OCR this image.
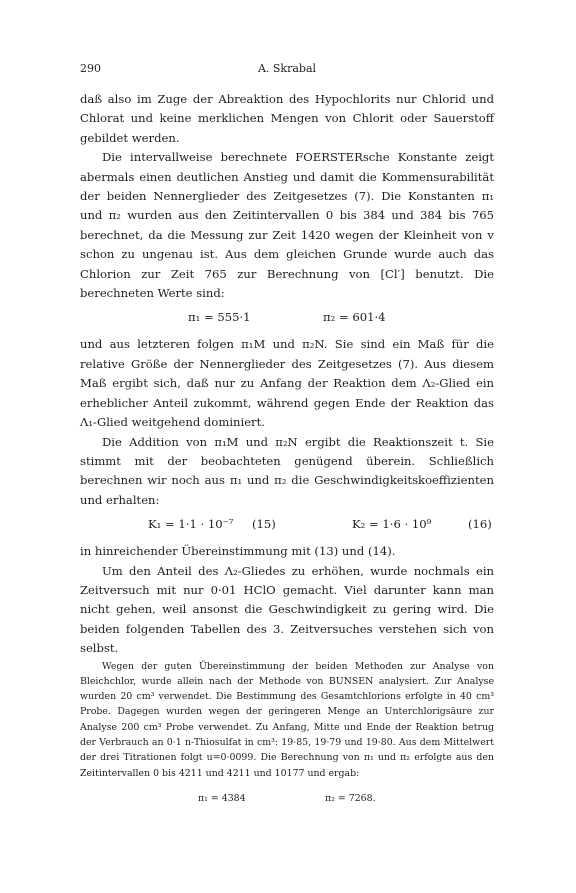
290	A. Skrabal

daß also im Zuge der Abreaktion des Hypochlorits nur Chlorid und Chlorat und keine merklichen Mengen von Chlorit oder Sauerstoff gebildet werden.

Die intervallweise berechnete FOERSTERsche Konstante zeigt abermals einen deutlichen Anstieg und damit die Kommensurabilität der beiden Nennerglieder des Zeitgesetzes (7). Die Konstanten π₁ und π₂ wurden aus den Zeitintervallen 0 bis 384 und 384 bis 765 berechnet, da die Messung zur Zeit 1420 wegen der Kleinheit von v schon zu ungenau ist. Aus dem gleichen Grunde wurde auch das Chlorion zur Zeit 765 zur Berechnung von [Cl′] benutzt. Die berechneten Werte sind:

π₁ = 555·1	π₂ = 601·4

und aus letzteren folgen π₁M und π₂N. Sie sind ein Maß für die relative Größe der Nennerglieder des Zeitgesetzes (7). Aus diesem Maß ergibt sich, daß nur zu Anfang der Reaktion dem Λ₂-Glied ein erheblicher Anteil zukommt, während gegen Ende der Reaktion das Λ₁-Glied weitgehend dominiert.

Die Addition von π₁M und π₂N ergibt die Reaktionszeit t. Sie stimmt mit der beobachteten genügend überein. Schließlich berechnen wir noch aus π₁ und π₂ die Geschwindigkeitskoeffizienten und erhalten:

K₁ = 1·1 · 10⁻⁷ (15)	K₂ = 1·6 · 10⁹	(16)

in hinreichender Übereinstimmung mit (13) und (14).

Um den Anteil des Λ₂-Gliedes zu erhöhen, wurde nochmals ein Zeitversuch mit nur 0·01 HClO gemacht. Viel darunter kann man nicht gehen, weil ansonst die Geschwindigkeit zu gering wird. Die beiden folgenden Tabellen des 3. Zeitversuches verstehen sich von selbst.

Wegen der guten Übereinstimmung der beiden Methoden zur Analyse von Bleichchlor, wurde allein nach der Methode von BUNSEN analysiert. Zur Analyse wurden 20 cm³ verwendet. Die Bestimmung des Gesamtchlorions erfolgte in 40 cm³ Probe. Dagegen wurden wegen der geringeren Menge an Unterchlorigsäure zur Analyse 200 cm³ Probe verwendet. Zu Anfang, Mitte und Ende der Reaktion betrug der Verbrauch an 0·1 n-Thiosulfat in cm³: 19·85, 19·79 und 19·80. Aus dem Mittelwert der drei Titrationen folgt u=0·0099. Die Berechnung von π₁ und π₂ erfolgte aus den Zeitintervallen 0 bis 4211 und 4211 und 10177 und ergab:

π₁ = 4384	π₂ = 7268.
